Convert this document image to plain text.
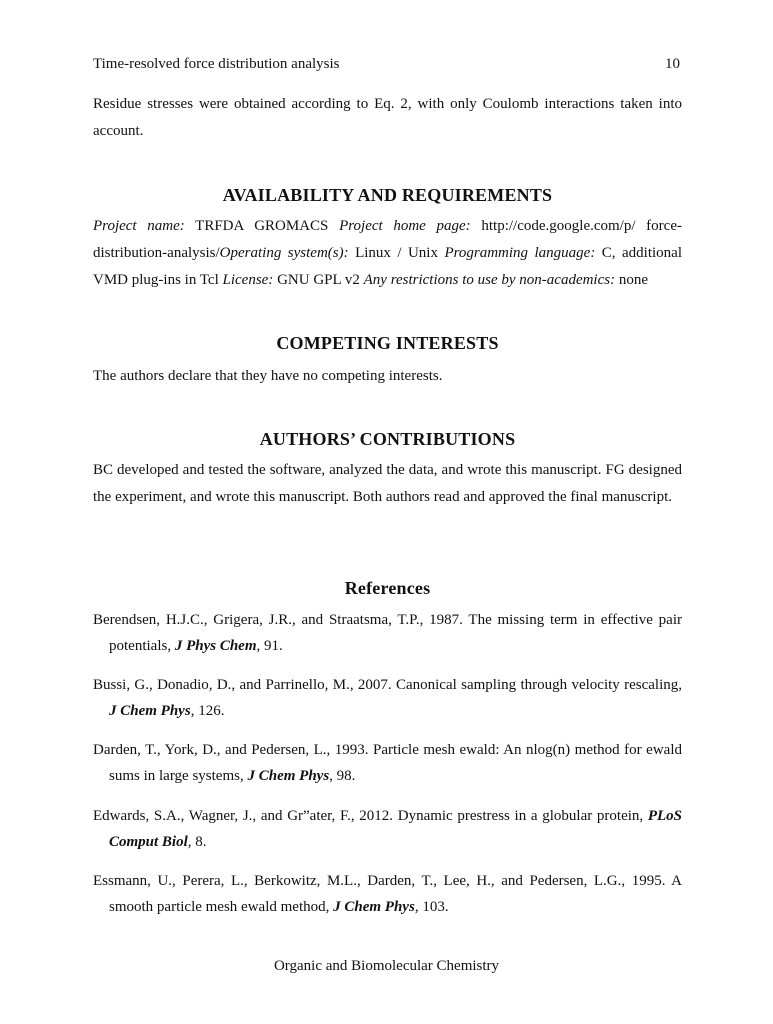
Time-resolved force distribution analysis	10
Residue stresses were obtained according to Eq. 2, with only Coulomb interactions taken into account.
AVAILABILITY AND REQUIREMENTS
Project name: TRFDA GROMACS Project home page: http://code.google.com/p/ force-distribution-analysis/Operating system(s): Linux / Unix Programming language: C, additional VMD plug-ins in Tcl License: GNU GPL v2 Any restrictions to use by non-academics: none
COMPETING INTERESTS
The authors declare that they have no competing interests.
AUTHORS’ CONTRIBUTIONS
BC developed and tested the software, analyzed the data, and wrote this manuscript. FG designed the experiment, and wrote this manuscript. Both authors read and approved the final manuscript.
References
Berendsen, H.J.C., Grigera, J.R., and Straatsma, T.P., 1987. The missing term in effective pair potentials, J Phys Chem, 91.
Bussi, G., Donadio, D., and Parrinello, M., 2007. Canonical sampling through velocity rescaling, J Chem Phys, 126.
Darden, T., York, D., and Pedersen, L., 1993. Particle mesh ewald: An nlog(n) method for ewald sums in large systems, J Chem Phys, 98.
Edwards, S.A., Wagner, J., and Gr”ater, F., 2012. Dynamic prestress in a globular protein, PLoS Comput Biol, 8.
Essmann, U., Perera, L., Berkowitz, M.L., Darden, T., Lee, H., and Pedersen, L.G., 1995. A smooth particle mesh ewald method, J Chem Phys, 103.
Organic and Biomolecular Chemistry
